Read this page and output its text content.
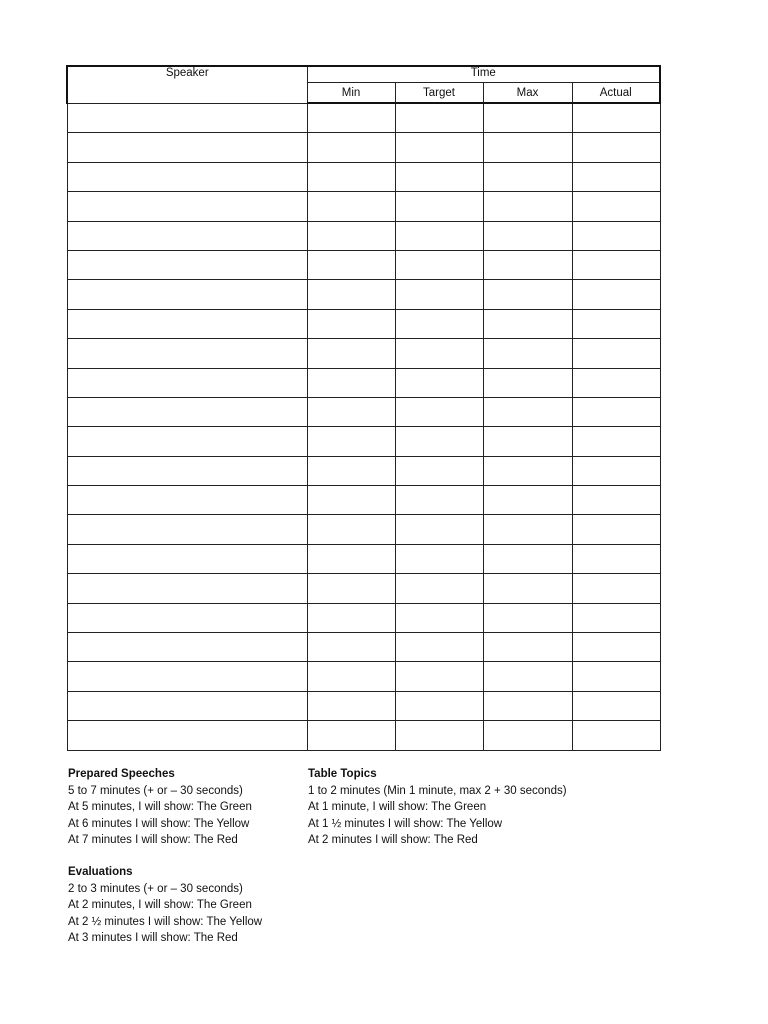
Speaker	Time			
	Min	Target	Max	Actual

Prepared Speeches
5 to 7 minutes (+ or – 30 seconds)
At 5 minutes, I will show: The Green
At 6 minutes I will show: The Yellow
At 7 minutes I will show: The Red
Table Topics
1 to 2 minutes (Min 1 minute, max 2 + 30 seconds)
At 1 minute, I will show: The Green
At 1 ½ minutes I will show: The Yellow
At 2 minutes I will show: The Red
Evaluations
2 to 3 minutes (+ or – 30 seconds)
At 2 minutes, I will show: The Green
At 2 ½ minutes I will show: The Yellow
At 3 minutes I will show: The Red
